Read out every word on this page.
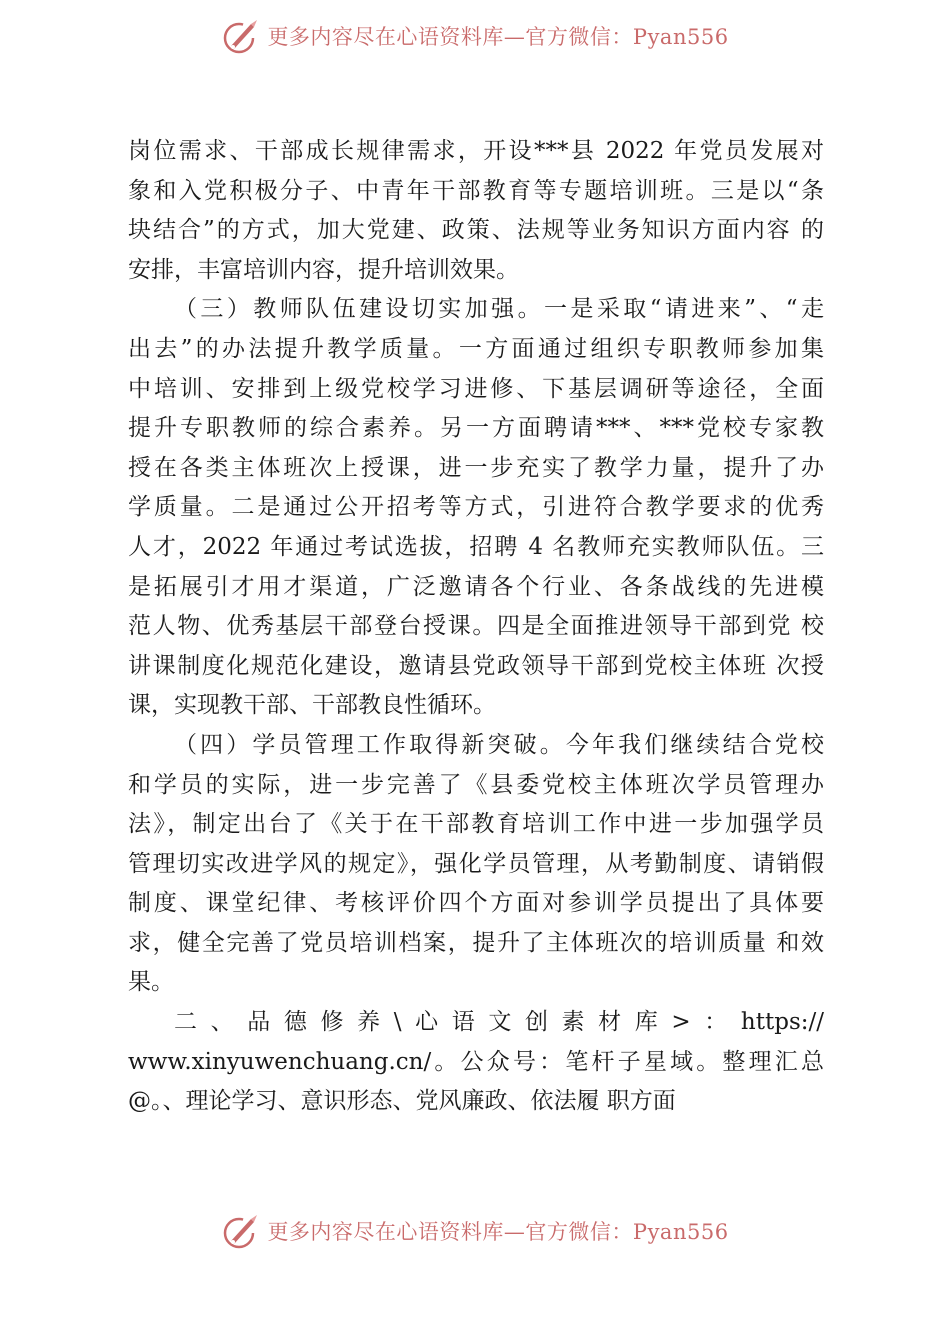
更多内容尽在心语资料库—官方微信：Pyan556
岗位需求、干部成长规律需求，开设***县 2022 年党员发展对
象和入党积极分子、中青年干部教育等专题培训班。三是以“条
块结合”的方式，加大党建、政策、法规等业务知识方面内容 的
安排，丰富培训内容，提升培训效果。
（三）教师队伍建设切实加强。一是采取“请进来”、“走
出去”的办法提升教学质量。一方面通过组织专职教师参加集
中培训、安排到上级党校学习进修、下基层调研等途径，全面
提升专职教师的综合素养。另一方面聘请***、***党校专家教
授在各类主体班次上授课，进一步充实了教学力量，提升了办
学质量。二是通过公开招考等方式，引进符合教学要求的优秀
人才，2022 年通过考试选拔，招聘 4 名教师充实教师队伍。三
是拓展引才用才渠道，广泛邀请各个行业、各条战线的先进模
范人物、优秀基层干部登台授课。四是全面推进领导干部到党 校
讲课制度化规范化建设，邀请县党政领导干部到党校主体班 次授
课，实现教干部、干部教良性循环。
（四）学员管理工作取得新突破。今年我们继续结合党校
和学员的实际，进一步完善了《县委党校主体班次学员管理办
法》，制定出台了《关于在干部教育培训工作中进一步加强学员
管理切实改进学风的规定》，强化学员管理，从考勤制度、请销假
制度、课堂纪律、考核评价四个方面对参训学员提出了具体要
求，健全完善了党员培训档案，提升了主体班次的培训质量 和效
果。
二、品德修养\心语文创素材库>：https://
www.xinyuwenchuang.cn/。公众号：笔杆子星域。整理汇总
@。、理论学习、意识形态、党风廉政、依法履 职方面
更多内容尽在心语资料库—官方微信：Pyan556
